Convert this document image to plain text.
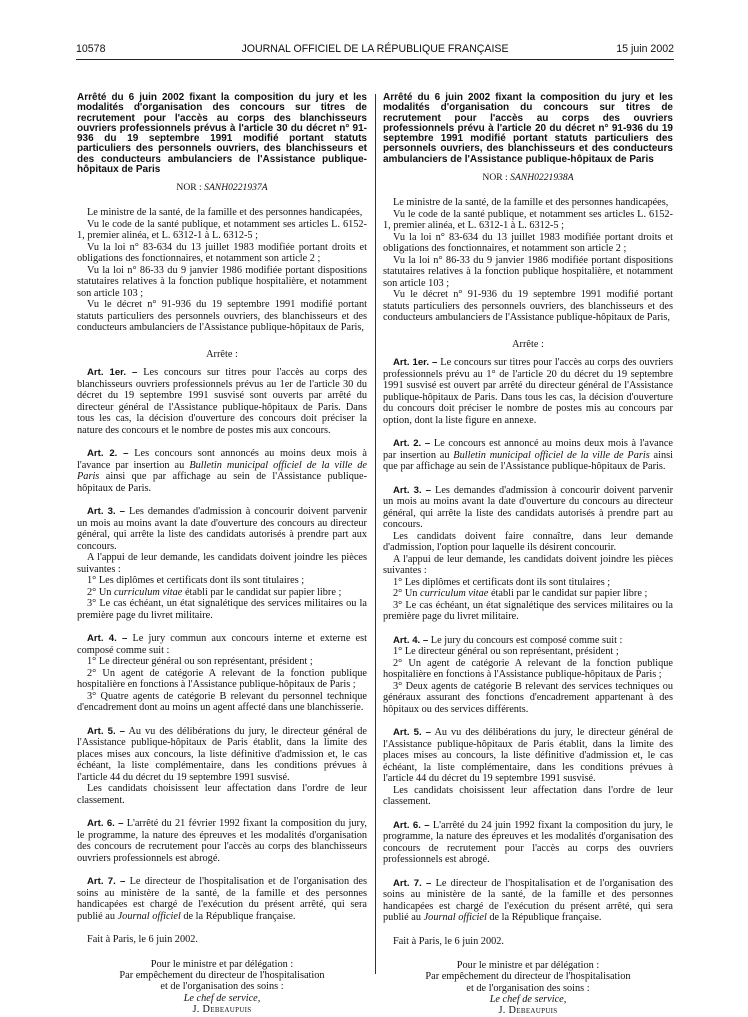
10578	JOURNAL OFFICIEL DE LA RÉPUBLIQUE FRANÇAISE	15 juin 2002

Arrêté du 6 juin 2002 fixant la composition du jury et les modalités d'organisation des concours sur titres de recrutement pour l'accès au corps des blanchisseurs ouvriers professionnels prévus à l'article 30 du décret n° 91-936 du 19 septembre 1991 modifié portant statuts particuliers des personnels ouvriers, des blanchisseurs et des conducteurs ambulanciers de l'Assistance publique-hôpitaux de Paris

NOR : SANH0221937A

Le ministre de la santé, de la famille et des personnes handicapées,

Vu le code de la santé publique, et notamment ses articles L. 6152-1, premier alinéa, et L. 6312-1 à L. 6312-5 ;

Vu la loi n° 83-634 du 13 juillet 1983 modifiée portant droits et obligations des fonctionnaires, et notamment son article 2 ;

Vu la loi n° 86-33 du 9 janvier 1986 modifiée portant dispositions statutaires relatives à la fonction publique hospitalière, et notamment son article 103 ;

Vu le décret n° 91-936 du 19 septembre 1991 modifié portant statuts particuliers des personnels ouvriers, des blanchisseurs et des conducteurs ambulanciers de l'Assistance publique-hôpitaux de Paris,

Arrête :

Art. 1er. – Les concours sur titres pour l'accès au corps des blanchisseurs ouvriers professionnels prévus au 1er de l'article 30 du décret du 19 septembre 1991 susvisé sont ouverts par arrêté du directeur général de l'Assistance publique-hôpitaux de Paris. Dans tous les cas, la décision d'ouverture des concours doit préciser la nature des concours et le nombre de postes mis aux concours.

Art. 2. – Les concours sont annoncés au moins deux mois à l'avance par insertion au Bulletin municipal officiel de la ville de Paris ainsi que par affichage au sein de l'Assistance publique-hôpitaux de Paris.

Art. 3. – Les demandes d'admission à concourir doivent parvenir un mois au moins avant la date d'ouverture des concours au directeur général, qui arrête la liste des candidats autorisés à prendre part aux concours.

A l'appui de leur demande, les candidats doivent joindre les pièces suivantes :

1° Les diplômes et certificats dont ils sont titulaires ;

2° Un curriculum vitae établi par le candidat sur papier libre ;

3° Le cas échéant, un état signalétique des services militaires ou la première page du livret militaire.

Art. 4. – Le jury commun aux concours interne et externe est composé comme suit :

1° Le directeur général ou son représentant, président ;

2° Un agent de catégorie A relevant de la fonction publique hospitalière en fonctions à l'Assistance publique-hôpitaux de Paris ;

3° Quatre agents de catégorie B relevant du personnel technique d'encadrement dont au moins un agent affecté dans une blanchisserie.

Art. 5. – Au vu des délibérations du jury, le directeur général de l'Assistance publique-hôpitaux de Paris établit, dans la limite des places mises aux concours, la liste définitive d'admission et, le cas échéant, la liste complémentaire, dans les conditions prévues à l'article 44 du décret du 19 septembre 1991 susvisé.

Les candidats choisissent leur affectation dans l'ordre de leur classement.

Art. 6. – L'arrêté du 21 février 1992 fixant la composition du jury, le programme, la nature des épreuves et les modalités d'organisation des concours de recrutement pour l'accès au corps des blanchisseurs ouvriers professionnels est abrogé.

Art. 7. – Le directeur de l'hospitalisation et de l'organisation des soins au ministère de la santé, de la famille et des personnes handicapées est chargé de l'exécution du présent arrêté, qui sera publié au Journal officiel de la République française.

Fait à Paris, le 6 juin 2002.

Pour le ministre et par délégation :
Par empêchement du directeur de l'hospitalisation
et de l'organisation des soins :
Le chef de service,
J. Debeaupuis

Arrêté du 6 juin 2002 fixant la composition du jury et les modalités d'organisation du concours sur titres de recrutement pour l'accès au corps des ouvriers professionnels prévu à l'article 20 du décret n° 91-936 du 19 septembre 1991 modifié portant statuts particuliers des personnels ouvriers, des blanchisseurs et des conducteurs ambulanciers de l'Assistance publique-hôpitaux de Paris

NOR : SANH0221938A

Le ministre de la santé, de la famille et des personnes handicapées,

Vu le code de la santé publique, et notamment ses articles L. 6152-1, premier alinéa, et L. 6312-1 à L. 6312-5 ;

Vu la loi n° 83-634 du 13 juillet 1983 modifiée portant droits et obligations des fonctionnaires, et notamment son article 2 ;

Vu la loi n° 86-33 du 9 janvier 1986 modifiée portant dispositions statutaires relatives à la fonction publique hospitalière, et notamment son article 103 ;

Vu le décret n° 91-936 du 19 septembre 1991 modifié portant statuts particuliers des personnels ouvriers, des blanchisseurs et des conducteurs ambulanciers de l'Assistance publique-hôpitaux de Paris,

Arrête :

Art. 1er. – Le concours sur titres pour l'accès au corps des ouvriers professionnels prévu au 1° de l'article 20 du décret du 19 septembre 1991 susvisé est ouvert par arrêté du directeur général de l'Assistance publique-hôpitaux de Paris. Dans tous les cas, la décision d'ouverture du concours doit préciser le nombre de postes mis au concours par option, dont la liste figure en annexe.

Art. 2. – Le concours est annoncé au moins deux mois à l'avance par insertion au Bulletin municipal officiel de la ville de Paris ainsi que par affichage au sein de l'Assistance publique-hôpitaux de Paris.

Art. 3. – Les demandes d'admission à concourir doivent parvenir un mois au moins avant la date d'ouverture du concours au directeur général, qui arrête la liste des candidats autorisés à prendre part au concours.

Les candidats doivent faire connaître, dans leur demande d'admission, l'option pour laquelle ils désirent concourir.

A l'appui de leur demande, les candidats doivent joindre les pièces suivantes :

1° Les diplômes et certificats dont ils sont titulaires ;

2° Un curriculum vitae établi par le candidat sur papier libre ;

3° Le cas échéant, un état signalétique des services militaires ou la première page du livret militaire.

Art. 4. – Le jury du concours est composé comme suit :

1° Le directeur général ou son représentant, président ;

2° Un agent de catégorie A relevant de la fonction publique hospitalière en fonctions à l'Assistance publique-hôpitaux de Paris ;

3° Deux agents de catégorie B relevant des services techniques ou généraux assurant des fonctions d'encadrement appartenant à des hôpitaux ou des services différents.

Art. 5. – Au vu des délibérations du jury, le directeur général de l'Assistance publique-hôpitaux de Paris établit, dans la limite des places mises au concours, la liste définitive d'admission et, le cas échéant, la liste complémentaire, dans les conditions prévues à l'article 44 du décret du 19 septembre 1991 susvisé.

Les candidats choisissent leur affectation dans l'ordre de leur classement.

Art. 6. – L'arrêté du 24 juin 1992 fixant la composition du jury, le programme, la nature des épreuves et les modalités d'organisation des concours de recrutement pour l'accès au corps des ouvriers professionnels est abrogé.

Art. 7. – Le directeur de l'hospitalisation et de l'organisation des soins au ministère de la santé, de la famille et des personnes handicapées est chargé de l'exécution du présent arrêté, qui sera publié au Journal officiel de la République française.

Fait à Paris, le 6 juin 2002.

Pour le ministre et par délégation :
Par empêchement du directeur de l'hospitalisation
et de l'organisation des soins :
Le chef de service,
J. Debeaupuis
